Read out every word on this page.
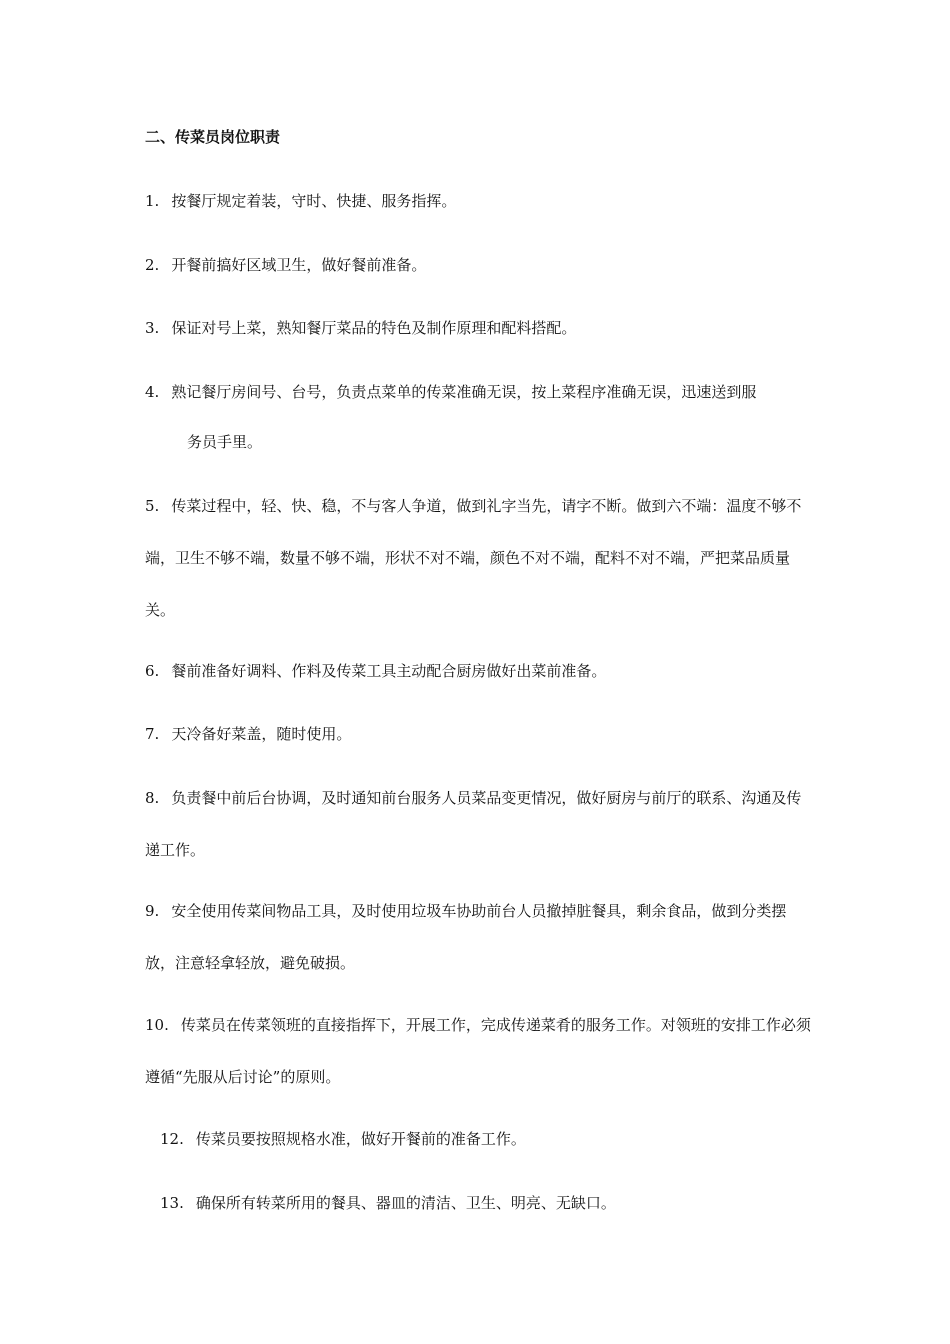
二、传菜员岗位职责

1. 按餐厅规定着装，守时、快捷、服务指挥。

2. 开餐前搞好区域卫生，做好餐前准备。

3. 保证对号上菜，熟知餐厅菜品的特色及制作原理和配料搭配。

4. 熟记餐厅房间号、台号，负责点菜单的传菜准确无误，按上菜程序准确无误，迅速送到服

务员手里。

5. 传菜过程中，轻、快、稳，不与客人争道，做到礼字当先，请字不断。做到六不端：温度不够不端，卫生不够不端，数量不够不端，形状不对不端，颜色不对不端，配料不对不端，严把菜品质量关。

6. 餐前准备好调料、作料及传菜工具主动配合厨房做好出菜前准备。

7. 天冷备好菜盖，随时使用。

8. 负责餐中前后台协调，及时通知前台服务人员菜品变更情况，做好厨房与前厅的联系、沟通及传递工作。

9. 安全使用传菜间物品工具，及时使用垃圾车协助前台人员撤掉脏餐具，剩余食品，做到分类摆放，注意轻拿轻放，避免破损。

10. 传菜员在传菜领班的直接指挥下，开展工作，完成传递菜肴的服务工作。对领班的安排工作必须遵循“先服从后讨论”的原则。

12. 传菜员要按照规格水准，做好开餐前的准备工作。

13. 确保所有转菜所用的餐具、器皿的清洁、卫生、明亮、无缺口。
